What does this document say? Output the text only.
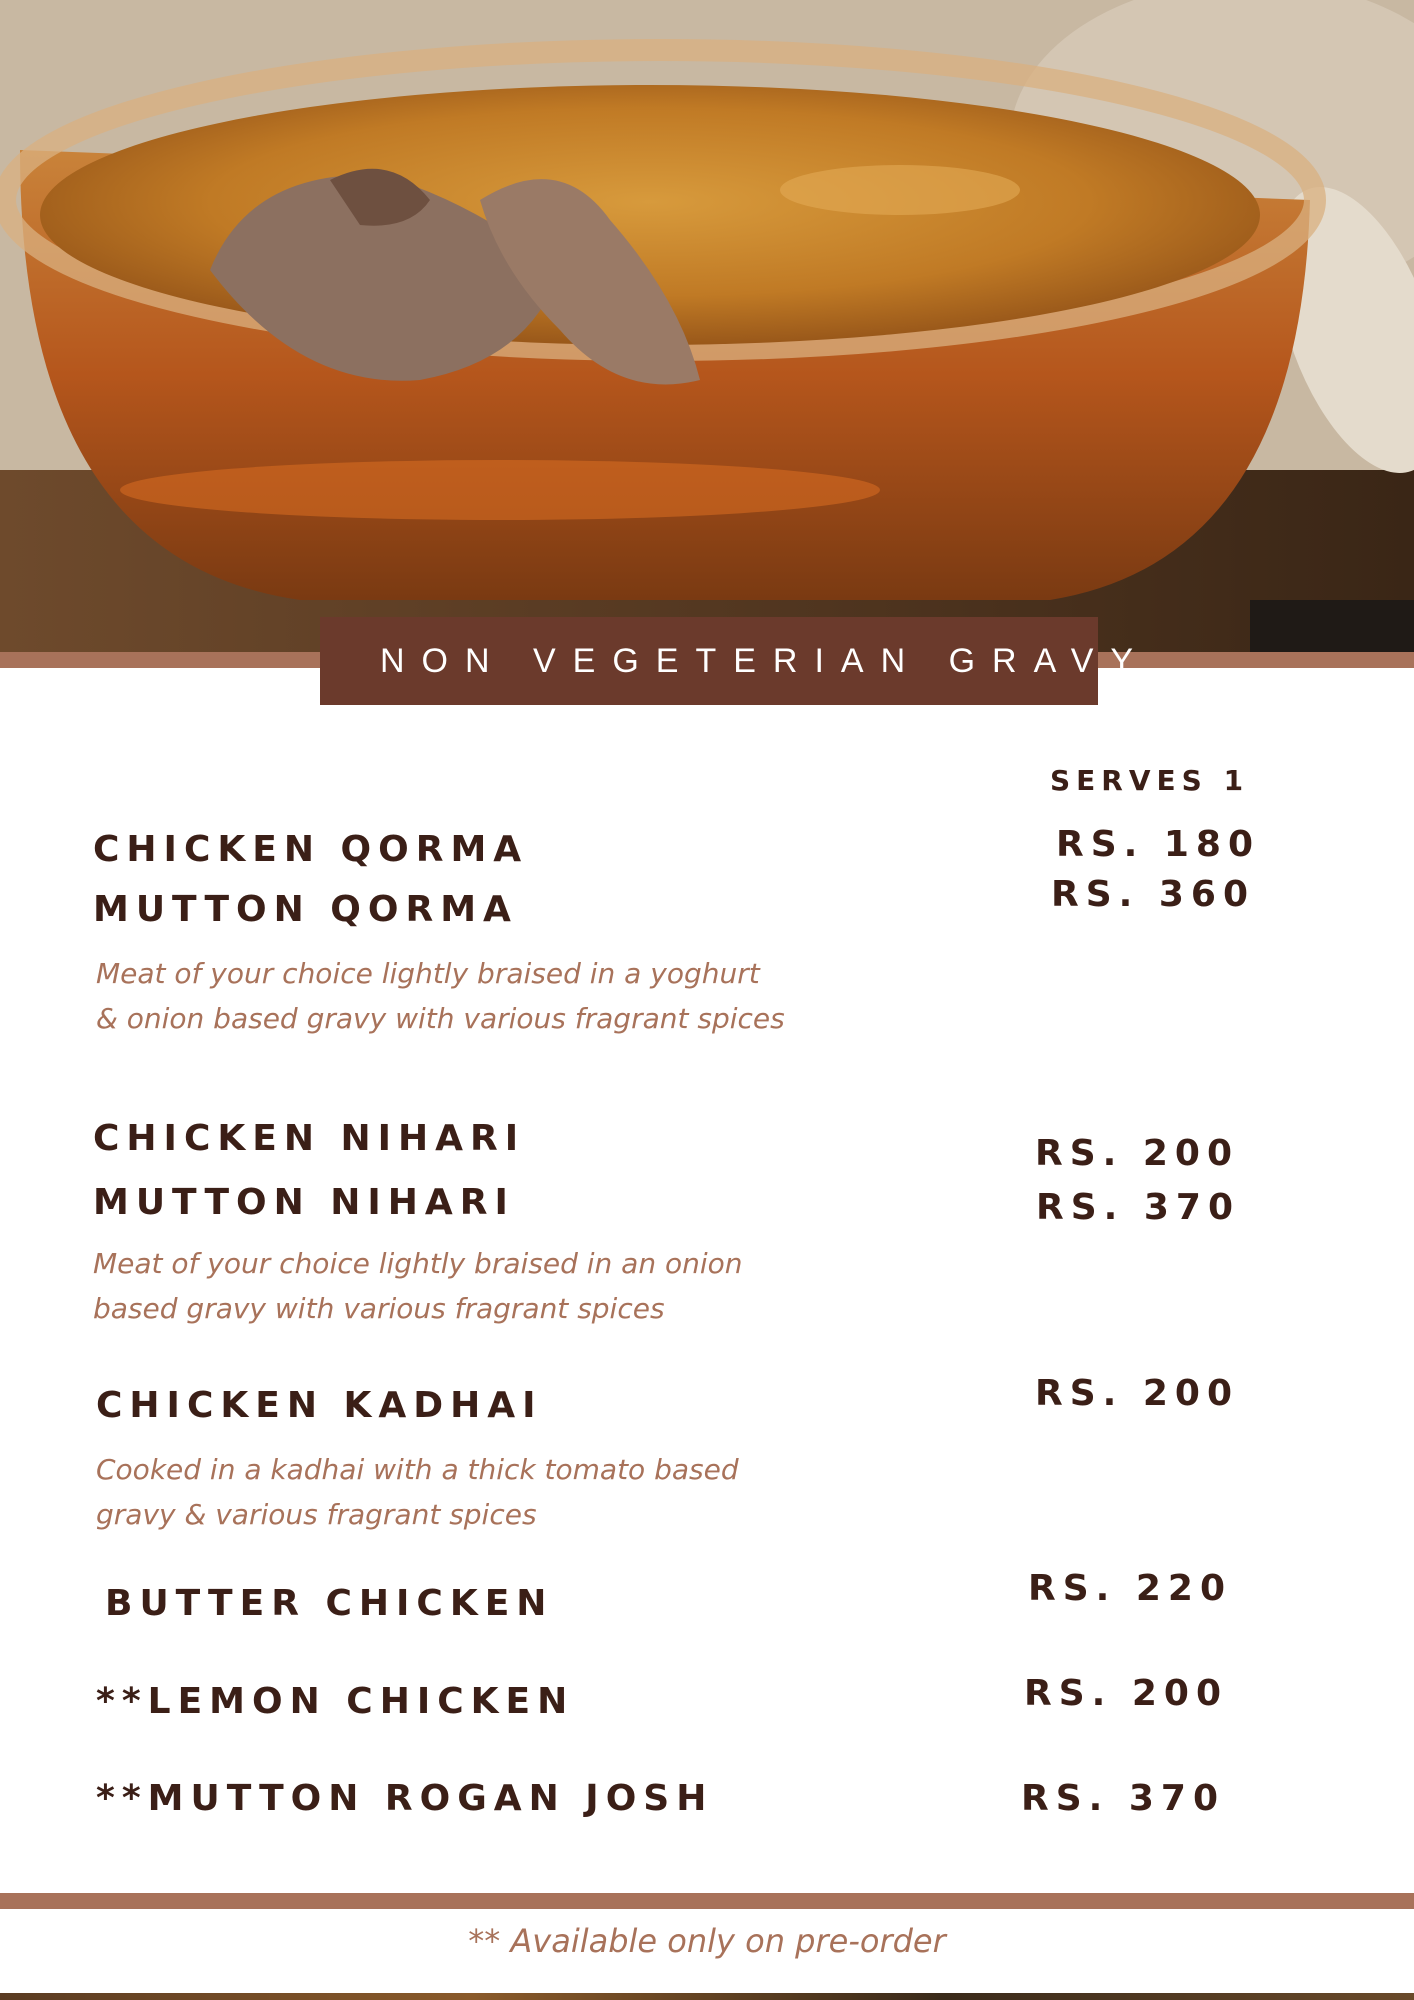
NON VEGETERIAN GRAVY
SERVES 1
CHICKEN QORMA	RS. 180
MUTTON QORMA	RS. 360
Meat of your choice lightly braised in a yoghurt
& onion based gravy with various fragrant spices
CHICKEN NIHARI	RS. 200
MUTTON NIHARI	RS. 370
Meat of your choice lightly braised in an onion
based gravy with various fragrant spices
CHICKEN KADHAI	RS. 200
Cooked in a kadhai with a thick tomato based
gravy & various fragrant spices
BUTTER CHICKEN	RS. 220
**LEMON CHICKEN	RS. 200
**MUTTON ROGAN JOSH	RS. 370
** Available only on pre-order
